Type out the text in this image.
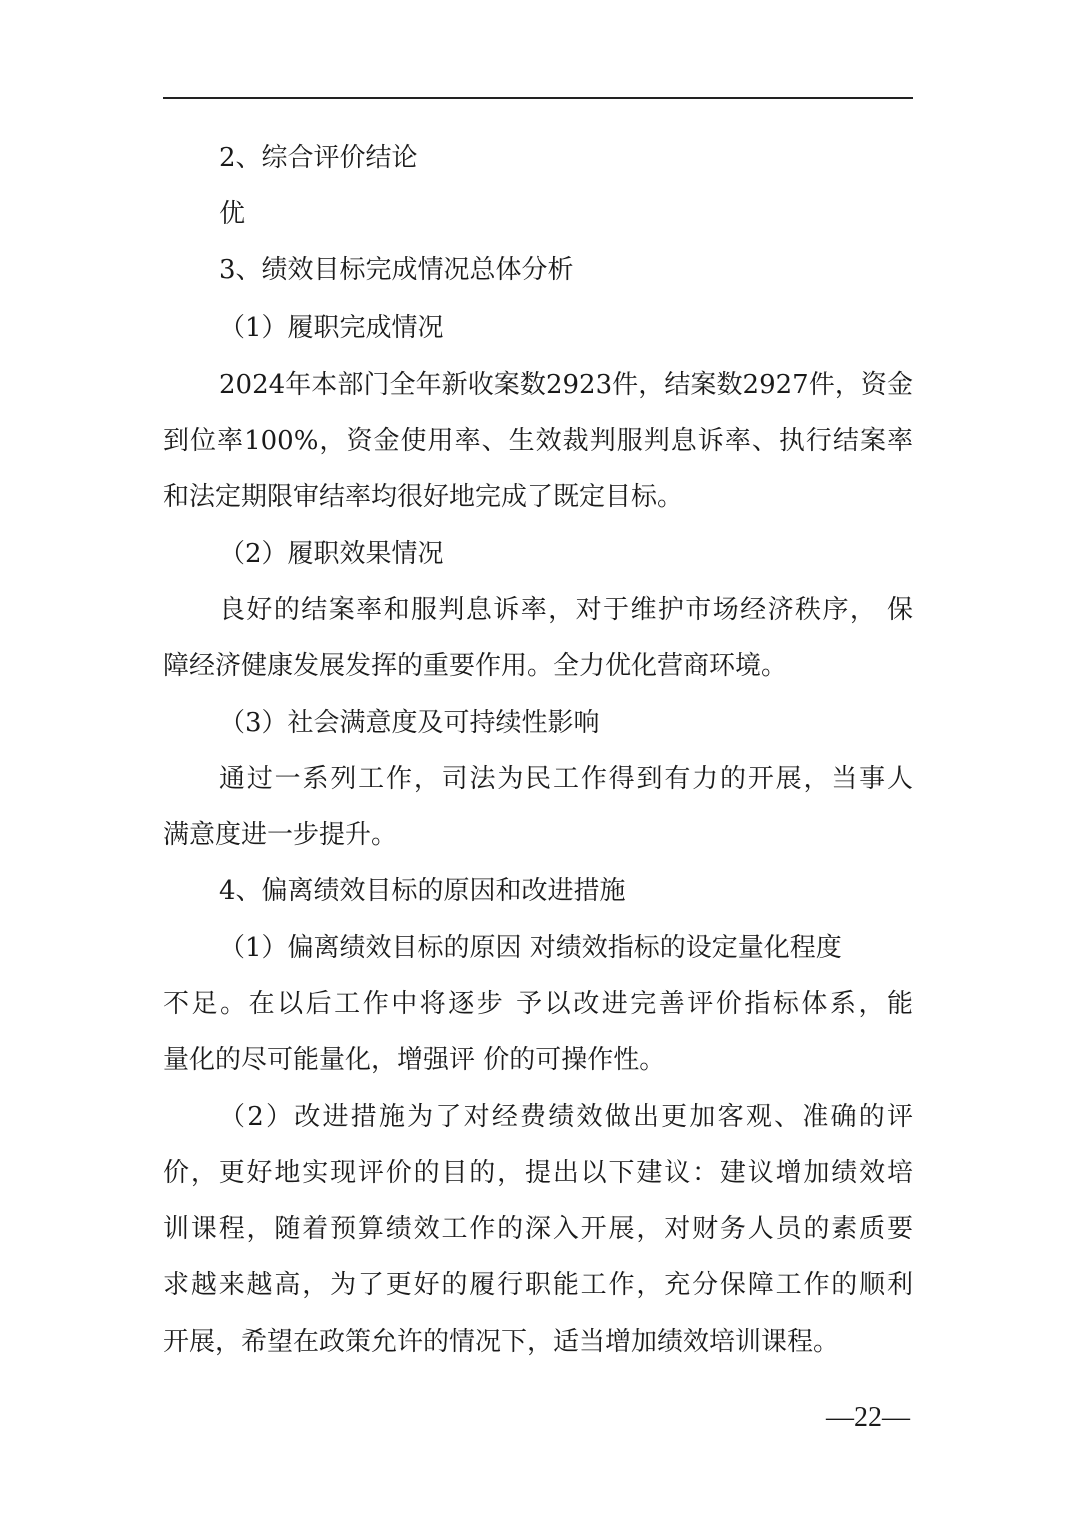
2、综合评价结论
优
3、绩效目标完成情况总体分析
（1）履职完成情况
2024年本部门全年新收案数2923件，结案数2927件，资金
到位率100%，资金使用率、生效裁判服判息诉率、执行结案率
和法定期限审结率均很好地完成了既定目标。
（2）履职效果情况
良好的结案率和服判息诉率，对于维护市场经济秩序， 保
障经济健康发展发挥的重要作用。全力优化营商环境。
（3）社会满意度及可持续性影响
通过一系列工作，司法为民工作得到有力的开展，当事人
满意度进一步提升。
4、偏离绩效目标的原因和改进措施
（1）偏离绩效目标的原因 对绩效指标的设定量化程度
不足。在以后工作中将逐步 予以改进完善评价指标体系，能
量化的尽可能量化，增强评 价的可操作性。
（2）改进措施为了对经费绩效做出更加客观、准确的评
价，更好地实现评价的目的，提出以下建议：建议增加绩效培
训课程，随着预算绩效工作的深入开展，对财务人员的素质要
求越来越高，为了更好的履行职能工作，充分保障工作的顺利
开展，希望在政策允许的情况下，适当增加绩效培训课程。
—22—
